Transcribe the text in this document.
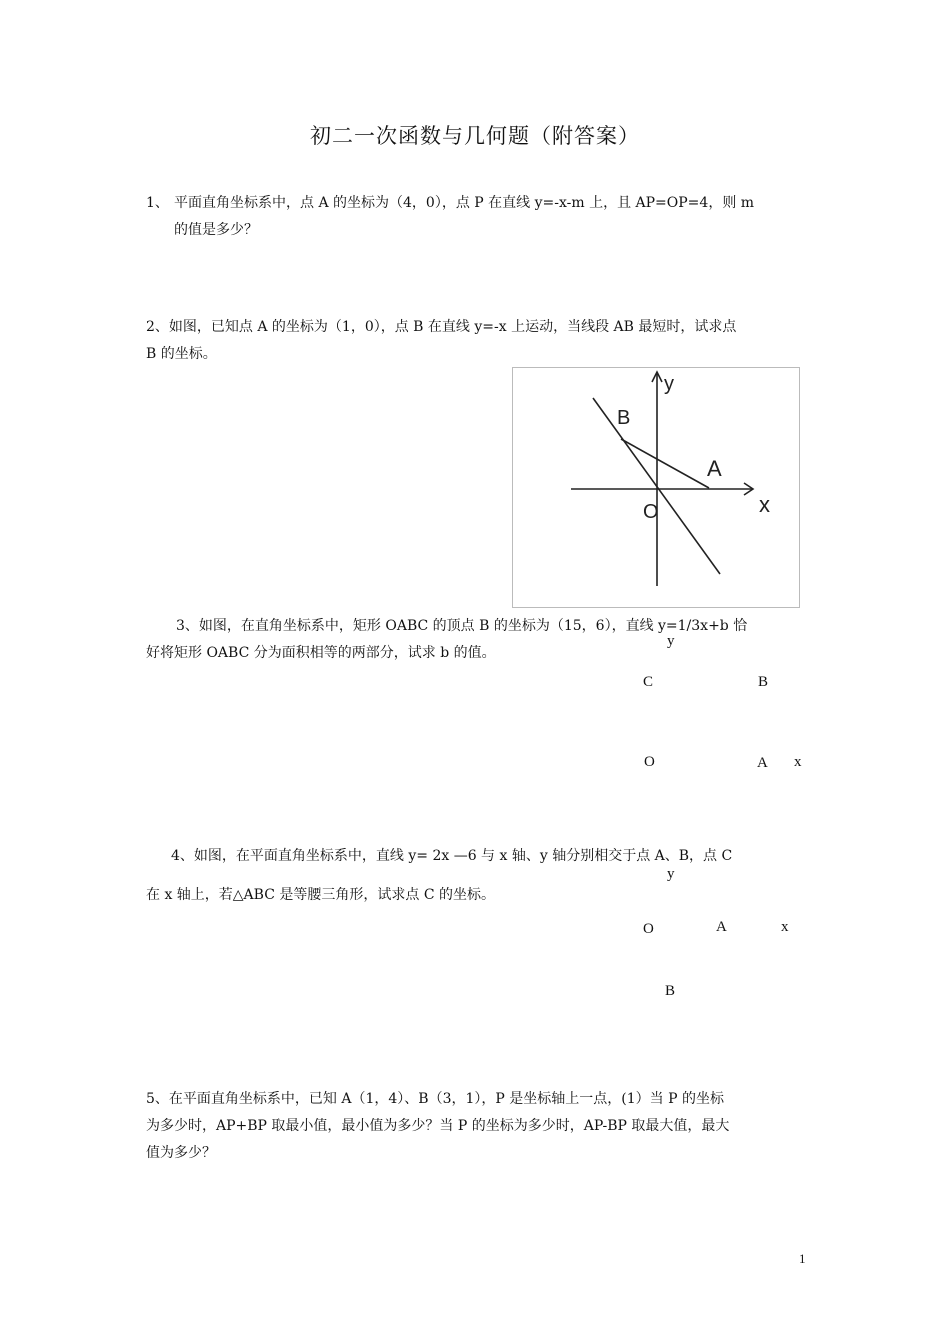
初二一次函数与几何题（附答案）
1、 平面直角坐标系中，点 A 的坐标为（4，0），点 P 在直线 y=-x-m 上，且 AP=OP=4，则 m
的值是多少？
2、如图，已知点 A 的坐标为（1，0），点 B 在直线 y=-x 上运动，当线段 AB 最短时，试求点
B 的坐标。
y
B
A
O	x
3、如图，在直角坐标系中，矩形 OABC 的顶点 B 的坐标为（15，6），直线 y=1/3x+b 恰
好将矩形 OABC 分为面积相等的两部分，试求 b 的值。
y
C	B
O	A x
4、如图，在平面直角坐标系中，直线 y= 2x —6 与 x 轴、y 轴分别相交于点 A、B，点 C
在 x 轴上，若△ABC 是等腰三角形，试求点 C 的坐标。
y
O	A	x
B
5、在平面直角坐标系中，已知 A（1，4）、B（3，1），P 是坐标轴上一点，(1）当 P 的坐标
为多少时，AP+BP 取最小值，最小值为多少？当 P 的坐标为多少时，AP-BP 取最大值，最大
值为多少？
1
